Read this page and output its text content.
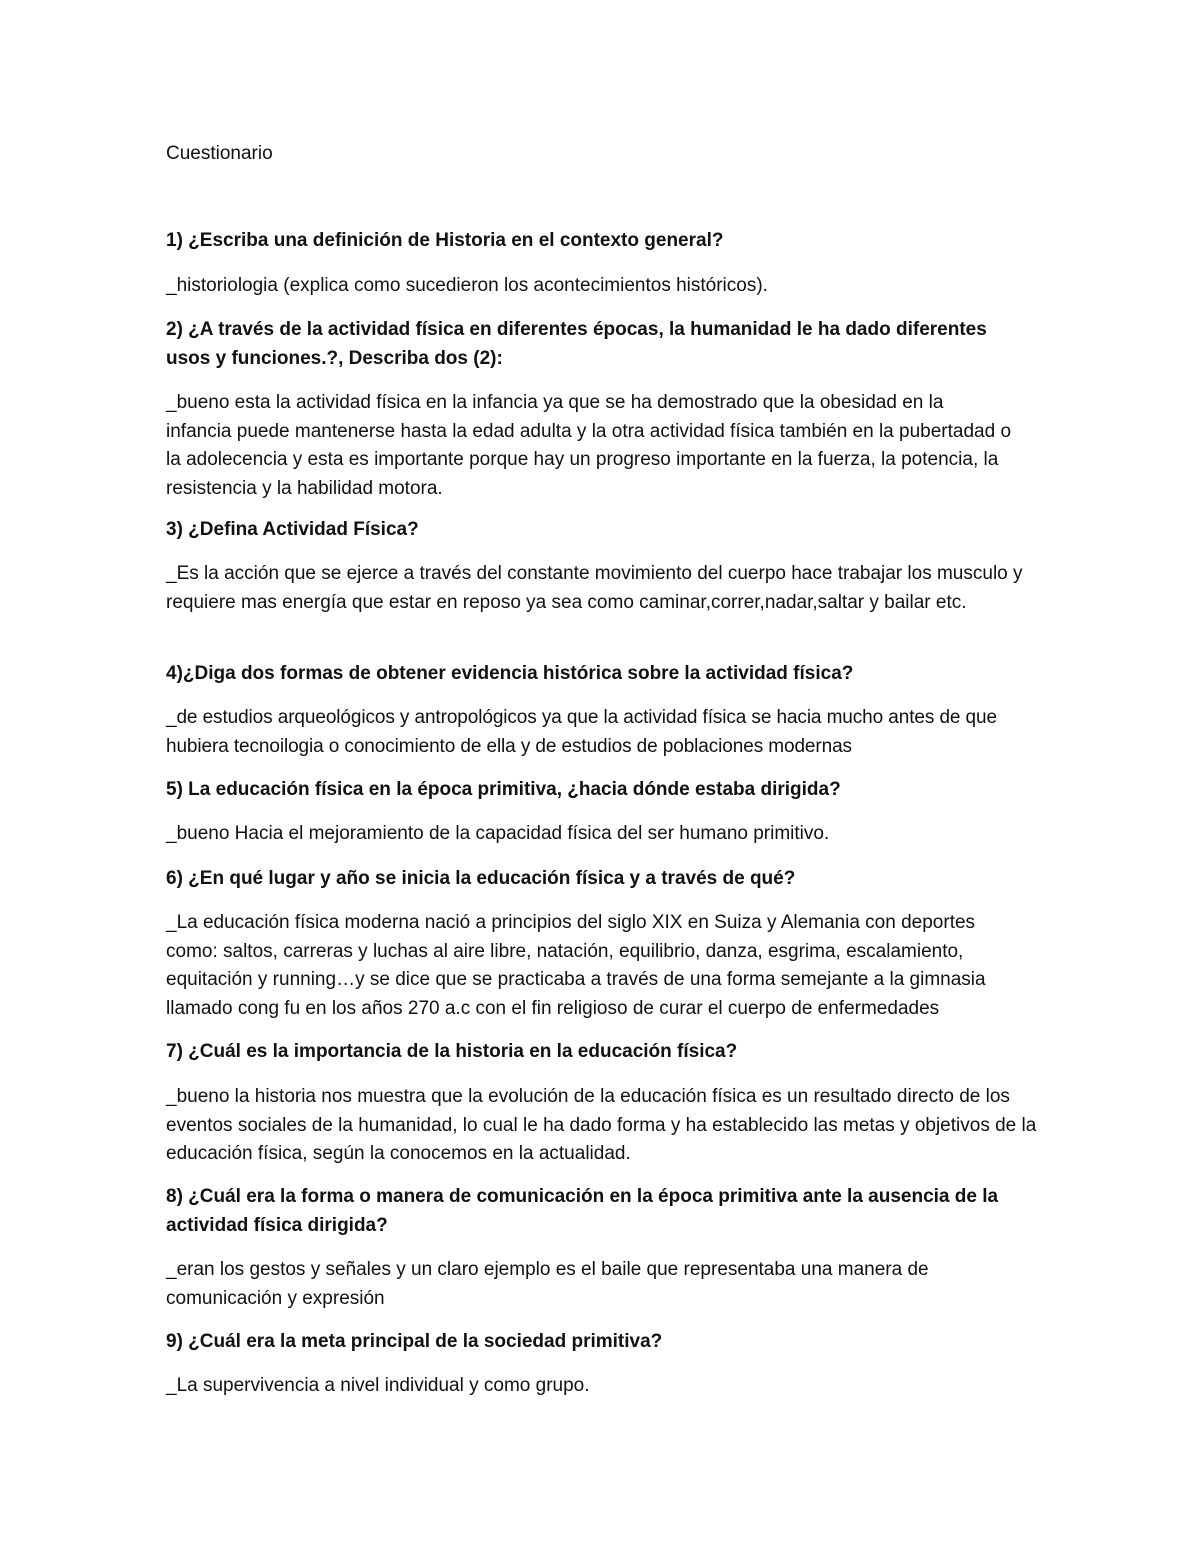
Cuestionario
1) ¿Escriba una definición de Historia en el contexto general?
_historiologia (explica como sucedieron los acontecimientos históricos).
2) ¿A través de la actividad física en diferentes épocas, la humanidad le ha dado diferentes usos y funciones.?, Describa dos (2):
_bueno esta la actividad física en la infancia ya que se ha demostrado que la obesidad en la infancia puede mantenerse hasta la edad adulta y la otra actividad física también en la pubertadad o la adolecencia y esta es importante porque hay un progreso importante en la fuerza, la potencia, la resistencia y la habilidad motora.
3) ¿Defina Actividad Física?
_Es la acción que se ejerce a través del constante movimiento del cuerpo hace trabajar los musculo y requiere mas energía que estar en reposo ya sea como caminar,correr,nadar,saltar y bailar etc.
4)¿Diga dos formas de obtener evidencia histórica sobre la actividad física?
_de estudios arqueológicos y antropológicos ya que la actividad física se hacia mucho antes de que hubiera tecnoilogia o conocimiento de ella y de estudios de poblaciones modernas
5) La educación física en la época primitiva, ¿hacia dónde estaba dirigida?
_bueno Hacia el mejoramiento de la capacidad física del ser humano primitivo.
6) ¿En qué lugar y año se inicia la educación física y a través de qué?
_La educación física moderna nació a principios del siglo XIX en Suiza y Alemania con deportes como: saltos, carreras y luchas al aire libre, natación, equilibrio, danza, esgrima, escalamiento, equitación y running…y se dice que se practicaba a través de una forma semejante a la gimnasia llamado cong fu en los años 270 a.c con el fin religioso de curar el cuerpo de enfermedades
7) ¿Cuál es la importancia de la historia en la educación física?
_bueno la historia nos muestra que la evolución de la educación física es un resultado directo de los eventos sociales de la humanidad, lo cual le ha dado forma y ha establecido las metas y objetivos de la educación física, según la conocemos en la actualidad.
8) ¿Cuál era la forma o manera de comunicación en la época primitiva ante la ausencia de la actividad física dirigida?
_eran los gestos y señales y un claro ejemplo es el baile que representaba una manera de comunicación y expresión
9) ¿Cuál era la meta principal de la sociedad primitiva?
_La supervivencia a nivel individual y como grupo.
